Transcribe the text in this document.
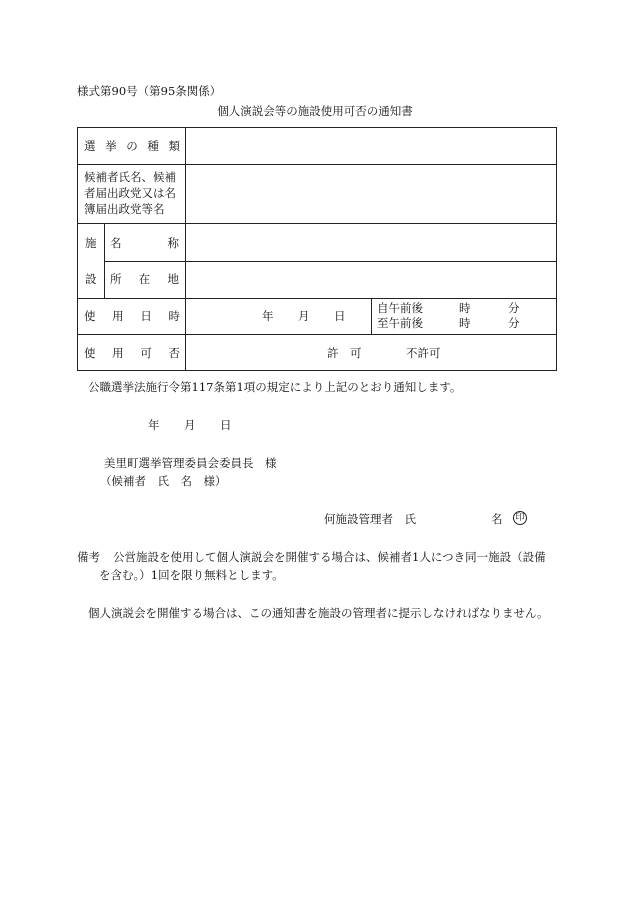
様式第90号（第95条関係）
個人演説会等の施設使用可否の通知書
選 挙 の 種 類
候補者氏名、候補
者届出政党又は名
簿届出政党等名
施
設
名	称
所 在 地
使 用 日 時	年 月 日
自午前後	時	分
至午前後	時	分
使 用 可 否	許　可	不許可
公職選挙法施行令第117条第1項の規定により上記のとおり通知します。
年 月 日
美里町選挙管理委員会委員長　様
（候補者　氏　名　様）
何施設管理者　氏	名 印
備考 公営施設を使用して個人演説会を開催する場合は、候補者1人につき同一施設（設備
を含む。）1回を限り無料とします。
個人演説会を開催する場合は、この通知書を施設の管理者に提示しなければなりません。
